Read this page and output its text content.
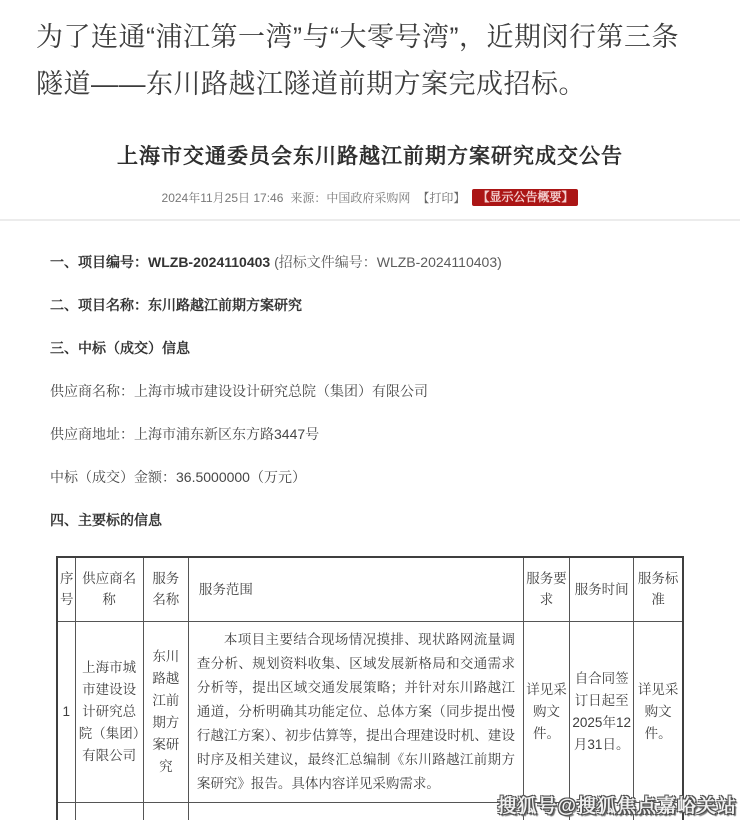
为了连通“浦江第一湾”与“大零号湾”，近期闵行第三条隧道——东川路越江隧道前期方案完成招标。

上海市交通委员会东川路越江前期方案研究成交公告
2024年11月25日 17:46 来源：中国政府采购网 【打印】	【显示公告概要】

一、项目编号：WLZB-2024110403 (招标文件编号：WLZB-2024110403)

二、项目名称：东川路越江前期方案研究

三、中标（成交）信息

供应商名称：上海市城市建设设计研究总院（集团）有限公司

供应商地址：上海市浦东新区东方路3447号

中标（成交）金额：36.5000000（万元）

四、主要标的信息

序号	供应商名称	服务名称	服务范围	服务要求	服务时间	服务标准
1	上海市城市建设设计研究总院（集团）有限公司	东川路越江前期方案研究	本项目主要结合现场情况摸排、现状路网流量调查分析、规划资料收集、区域发展新格局和交通需求分析等，提出区域交通发展策略；并针对东川路越江通道，分析明确其功能定位、总体方案（同步提出慢行越江方案）、初步估算等，提出合理建设时机、建设时序及相关建议，最终汇总编制《东川路越江前期方案研究》报告。具体内容详见采购需求。	详见采购文件。	自合同签订日起至2025年12月31日。	详见采购文件。

搜狐号@搜狐焦点嘉峪关站
